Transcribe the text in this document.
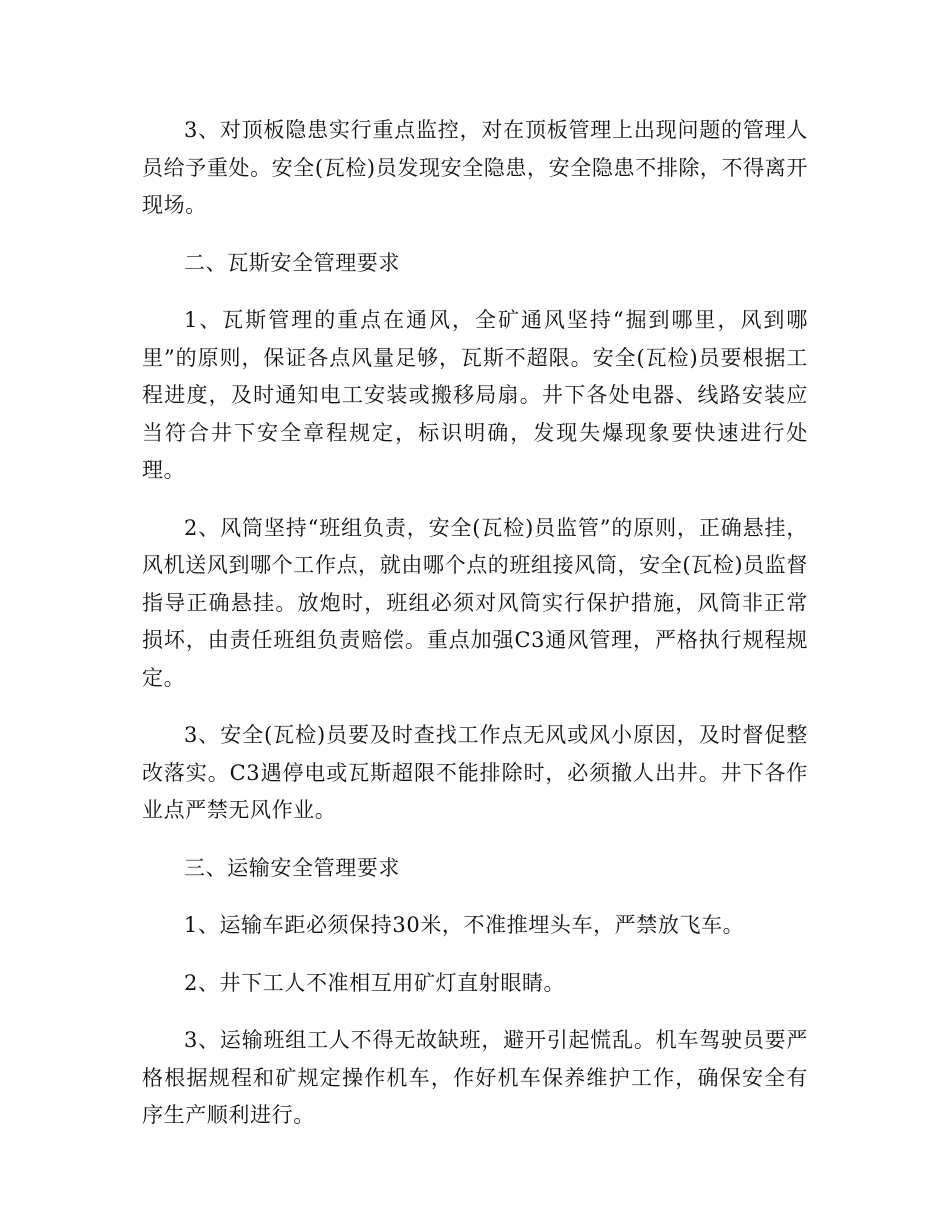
3、对顶板隐患实行重点监控，对在顶板管理上出现问题的管理人员给予重处。安全(瓦检)员发现安全隐患，安全隐患不排除，不得离开现场。

二、瓦斯安全管理要求

1、瓦斯管理的重点在通风，全矿通风坚持“掘到哪里，风到哪里”的原则，保证各点风量足够，瓦斯不超限。安全(瓦检)员要根据工程进度，及时通知电工安装或搬移局扇。井下各处电器、线路安装应当符合井下安全章程规定，标识明确，发现失爆现象要快速进行处理。

2、风筒坚持“班组负责，安全(瓦检)员监管”的原则，正确悬挂，风机送风到哪个工作点，就由哪个点的班组接风筒，安全(瓦检)员监督指导正确悬挂。放炮时，班组必须对风筒实行保护措施，风筒非正常损坏，由责任班组负责赔偿。重点加强C3通风管理，严格执行规程规定。

3、安全(瓦检)员要及时查找工作点无风或风小原因，及时督促整改落实。C3遇停电或瓦斯超限不能排除时，必须撤人出井。井下各作业点严禁无风作业。

三、运输安全管理要求

1、运输车距必须保持30米，不准推埋头车，严禁放飞车。

2、井下工人不准相互用矿灯直射眼睛。

3、运输班组工人不得无故缺班，避开引起慌乱。机车驾驶员要严格根据规程和矿规定操作机车，作好机车保养维护工作，确保安全有序生产顺利进行。
